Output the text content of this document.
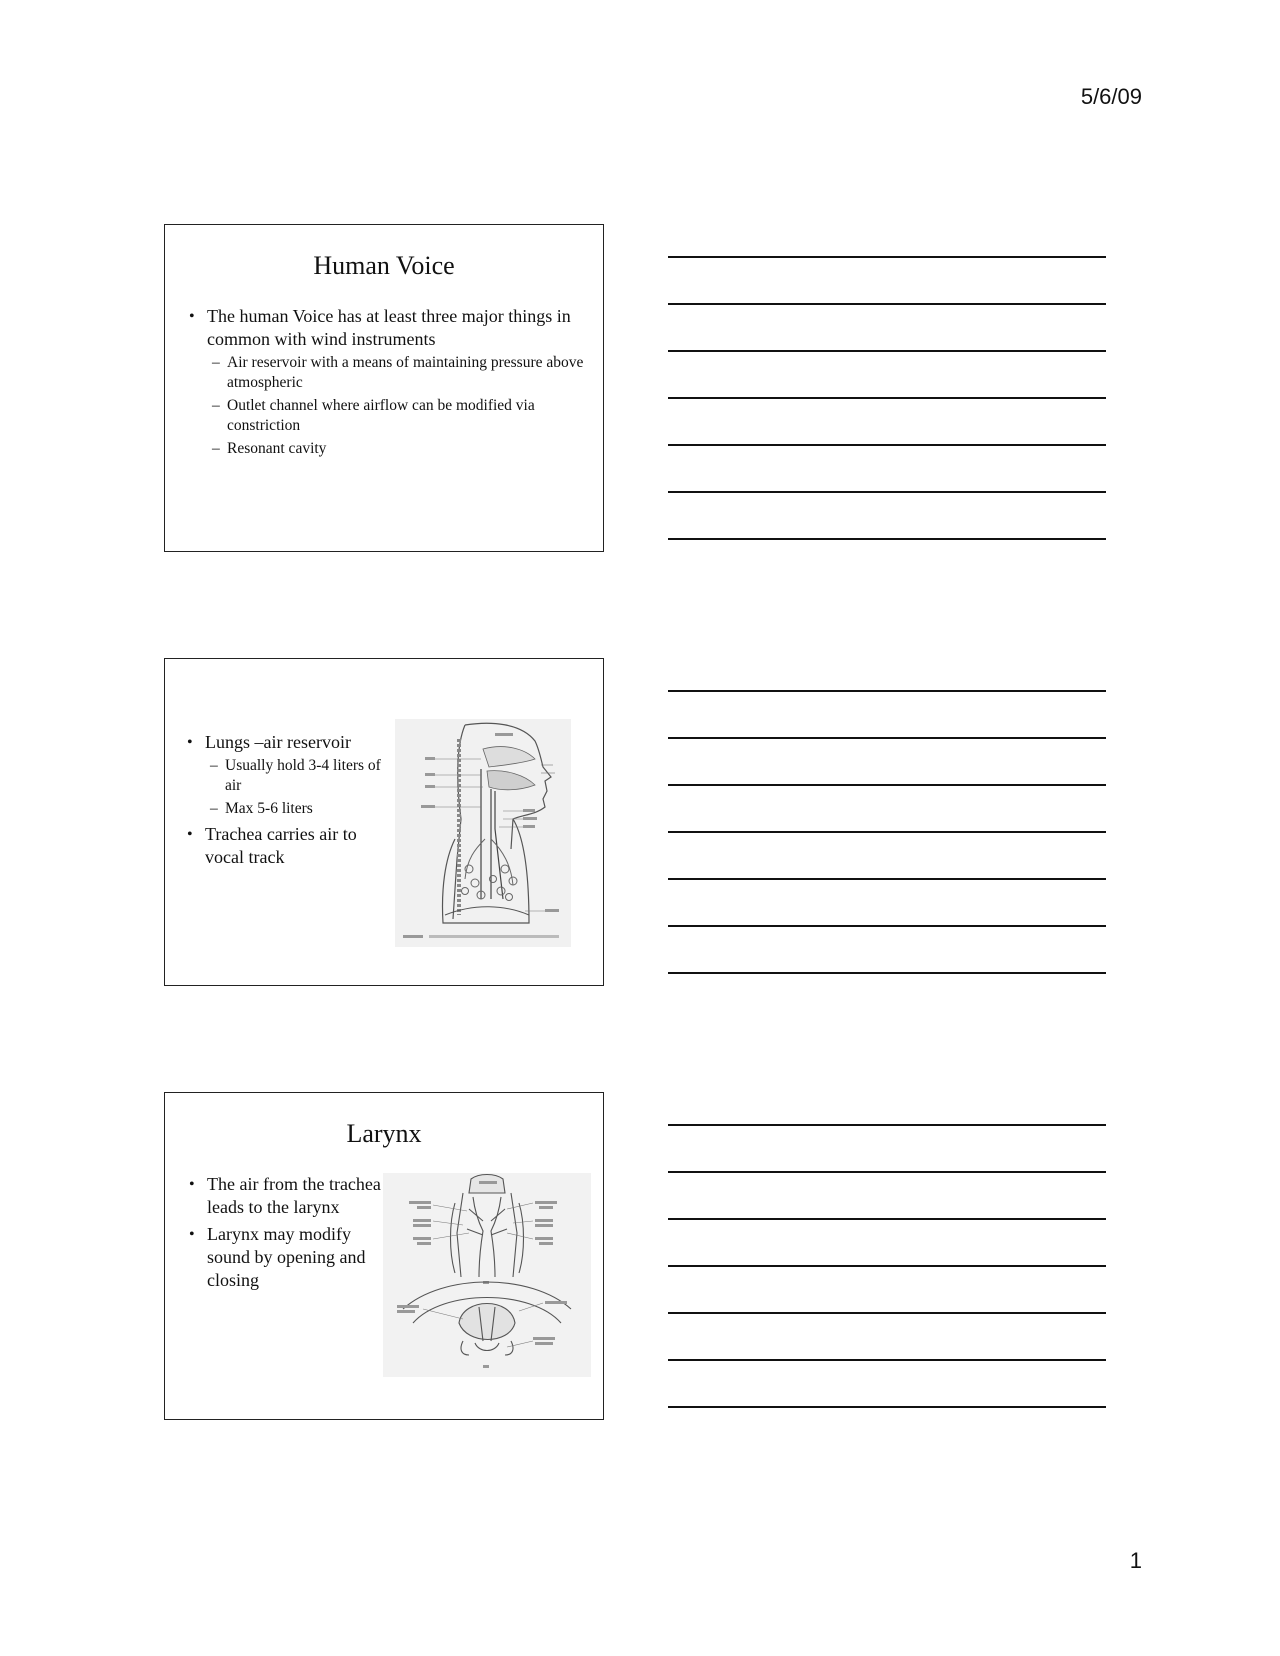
5/6/09
Human Voice
• The human Voice has at least three major things in common with wind instruments
– Air reservoir with a means of maintaining pressure above atmospheric
– Outlet channel where airflow can be modified via constriction
– Resonant cavity
• Lungs –air reservoir
– Usually hold 3-4 liters of air
– Max 5-6 liters
• Trachea carries air to vocal track
Larynx
• The air from the trachea leads to the larynx
• Larynx may modify sound by opening and closing
1
